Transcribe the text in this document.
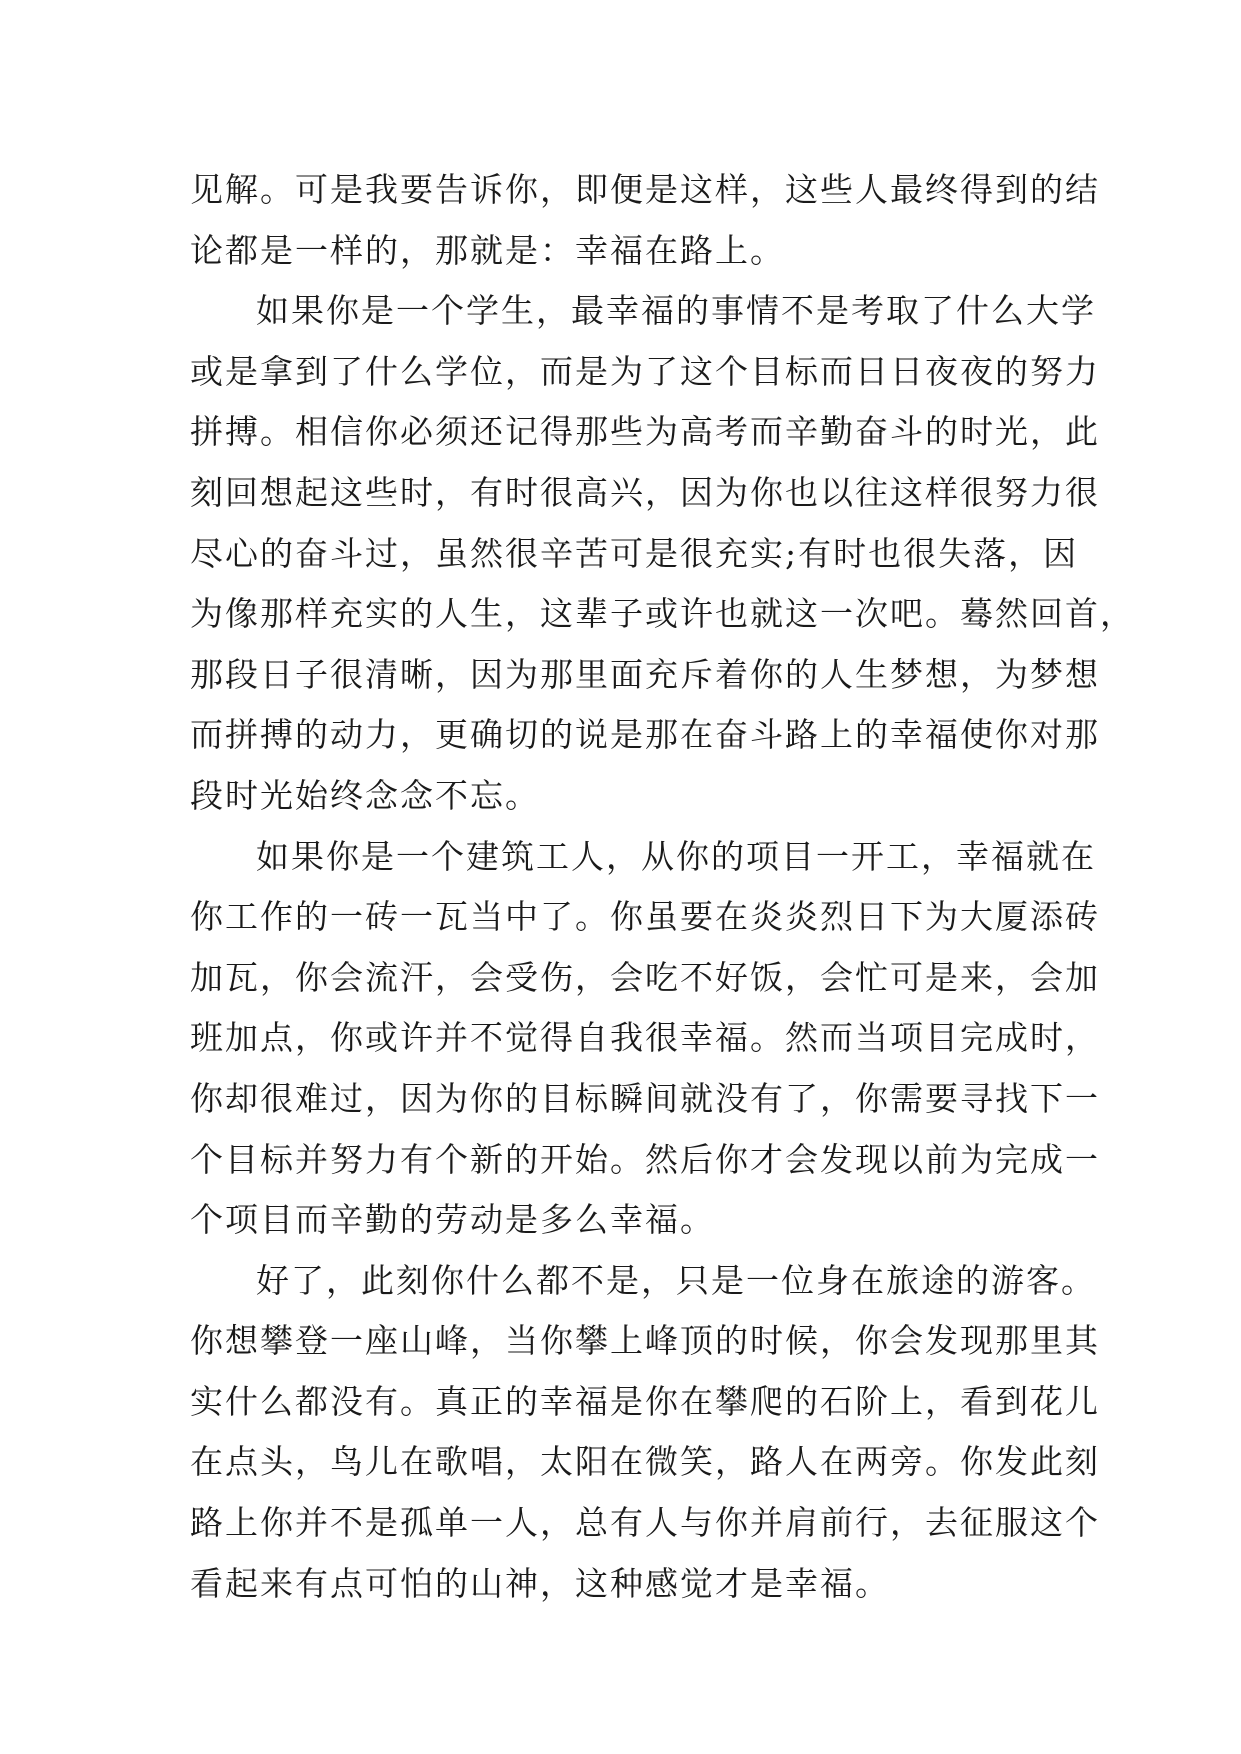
见解。可是我要告诉你，即便是这样，这些人最终得到的结
论都是一样的，那就是：幸福在路上。

如果你是一个学生，最幸福的事情不是考取了什么大学
或是拿到了什么学位，而是为了这个目标而日日夜夜的努力
拼搏。相信你必须还记得那些为高考而辛勤奋斗的时光，此
刻回想起这些时，有时很高兴，因为你也以往这样很努力很
尽心的奋斗过，虽然很辛苦可是很充实;有时也很失落，因
为像那样充实的人生，这辈子或许也就这一次吧。蓦然回首，
那段日子很清晰，因为那里面充斥着你的人生梦想，为梦想
而拼搏的动力，更确切的说是那在奋斗路上的幸福使你对那
段时光始终念念不忘。

如果你是一个建筑工人，从你的项目一开工，幸福就在
你工作的一砖一瓦当中了。你虽要在炎炎烈日下为大厦添砖
加瓦，你会流汗，会受伤，会吃不好饭，会忙可是来，会加
班加点，你或许并不觉得自我很幸福。然而当项目完成时，
你却很难过，因为你的目标瞬间就没有了，你需要寻找下一
个目标并努力有个新的开始。然后你才会发现以前为完成一
个项目而辛勤的劳动是多么幸福。

好了，此刻你什么都不是，只是一位身在旅途的游客。
你想攀登一座山峰，当你攀上峰顶的时候，你会发现那里其
实什么都没有。真正的幸福是你在攀爬的石阶上，看到花儿
在点头，鸟儿在歌唱，太阳在微笑，路人在两旁。你发此刻
路上你并不是孤单一人，总有人与你并肩前行，去征服这个
看起来有点可怕的山神，这种感觉才是幸福。
